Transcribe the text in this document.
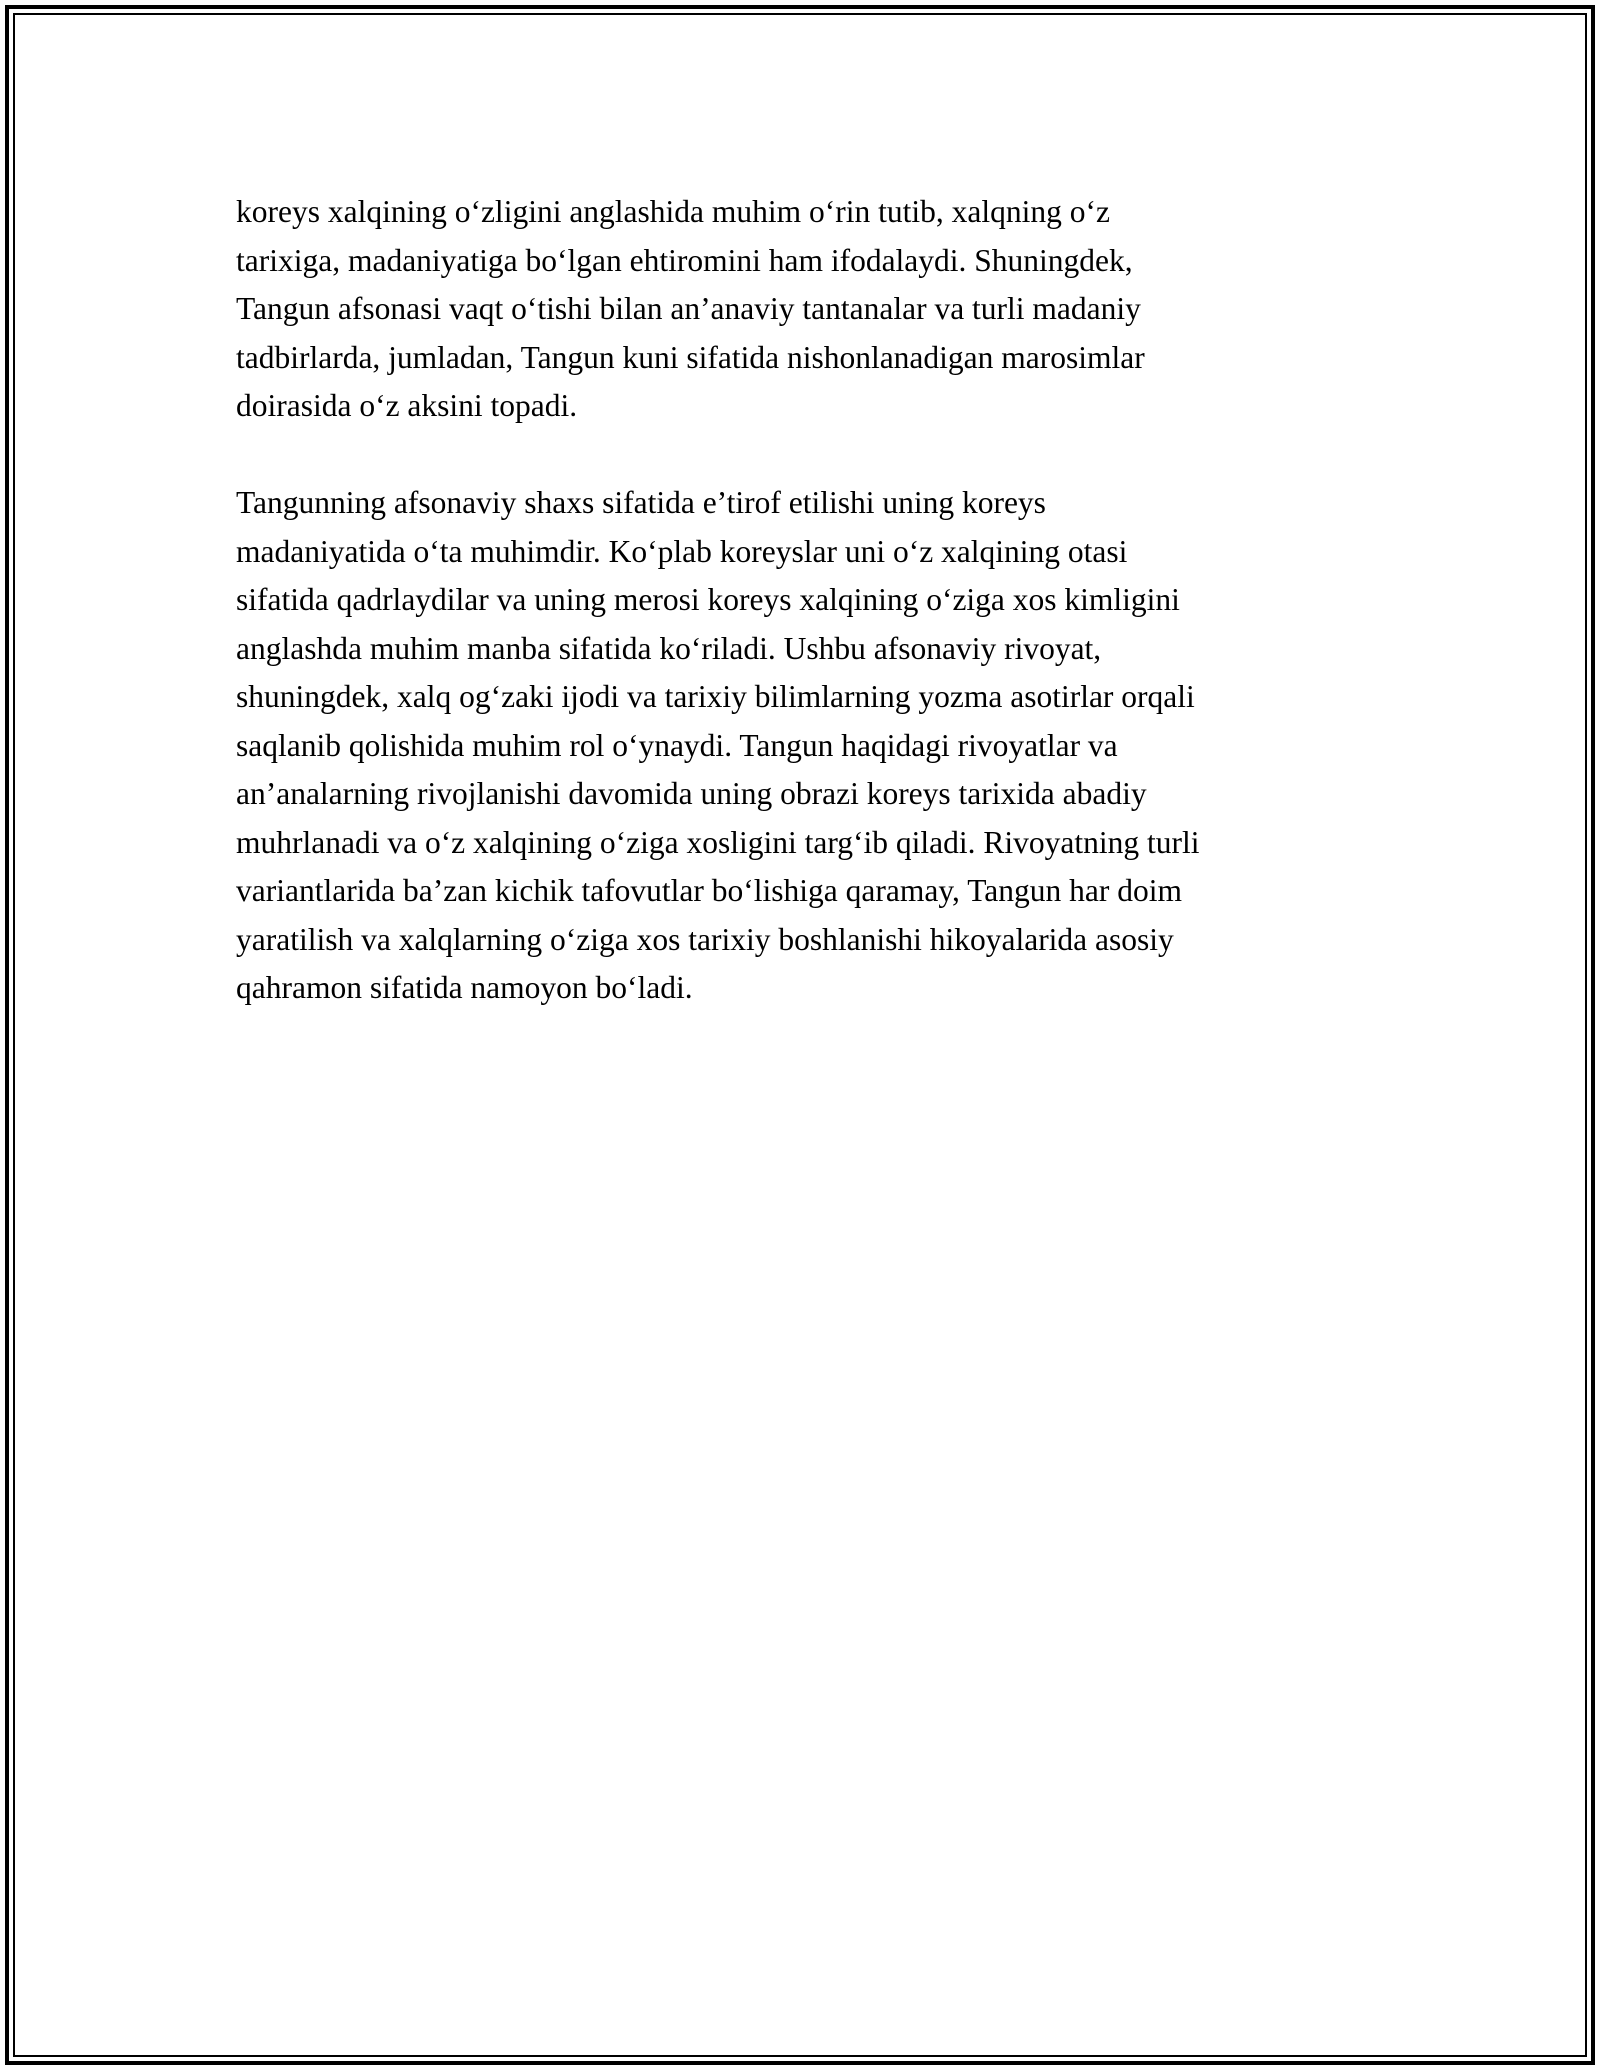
koreys xalqining o‘zligini anglashida muhim o‘rin tutib, xalqning o‘z
tarixiga, madaniyatiga bo‘lgan ehtiromini ham ifodalaydi. Shuningdek,
Tangun afsonasi vaqt o‘tishi bilan an’anaviy tantanalar va turli madaniy
tadbirlarda, jumladan, Tangun kuni sifatida nishonlanadigan marosimlar
doirasida o‘z aksini topadi.

Tangunning afsonaviy shaxs sifatida e’tirof etilishi uning koreys
madaniyatida o‘ta muhimdir. Ko‘plab koreyslar uni o‘z xalqining otasi
sifatida qadrlaydilar va uning merosi koreys xalqining o‘ziga xos kimligini
anglashda muhim manba sifatida ko‘riladi. Ushbu afsonaviy rivoyat,
shuningdek, xalq og‘zaki ijodi va tarixiy bilimlarning yozma asotirlar orqali
saqlanib qolishida muhim rol o‘ynaydi. Tangun haqidagi rivoyatlar va
an’analarning rivojlanishi davomida uning obrazi koreys tarixida abadiy
muhrlanadi va o‘z xalqining o‘ziga xosligini targ‘ib qiladi. Rivoyatning turli
variantlarida ba’zan kichik tafovutlar bo‘lishiga qaramay, Tangun har doim
yaratilish va xalqlarning o‘ziga xos tarixiy boshlanishi hikoyalarida asosiy
qahramon sifatida namoyon bo‘ladi.
